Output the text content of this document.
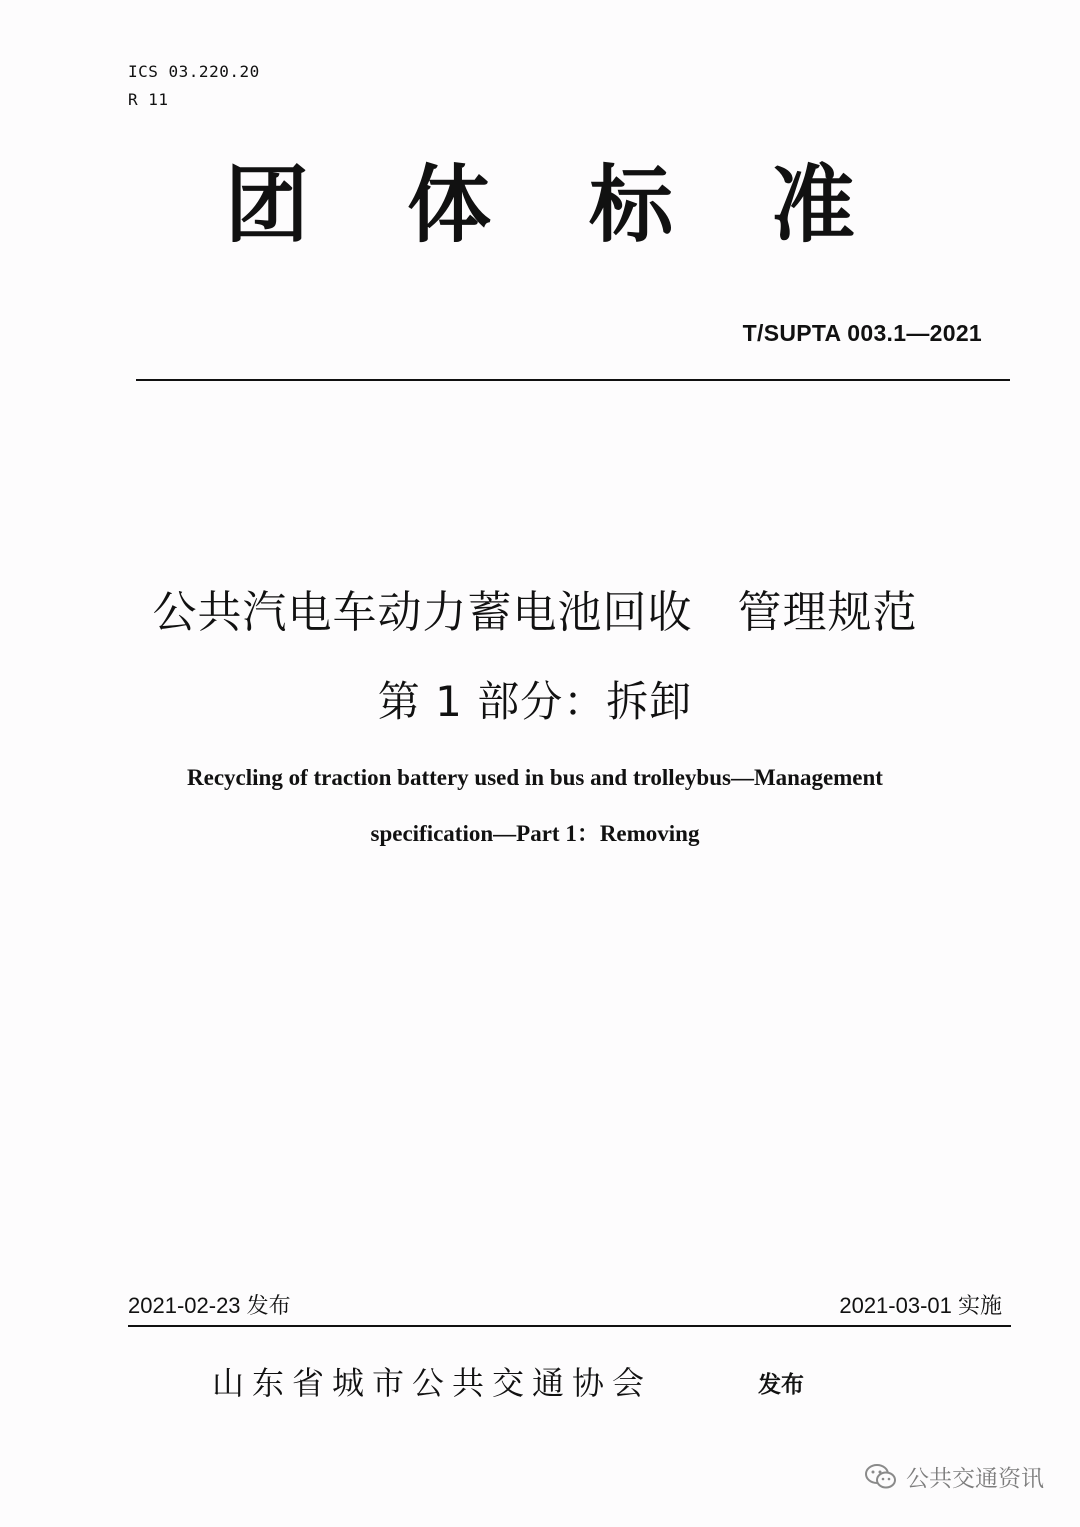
ICS 03.220.20
R 11
团 体 标 准
T/SUPTA 003.1—2021
公共汽电车动力蓄电池回收　管理规范
第 1 部分：拆卸
Recycling of traction battery used in bus and trolleybus—Management
specification—Part 1：Removing
2021-02-23 发布	2021-03-01 实施
山东省城市公共交通协会	发布
公共交通资讯
